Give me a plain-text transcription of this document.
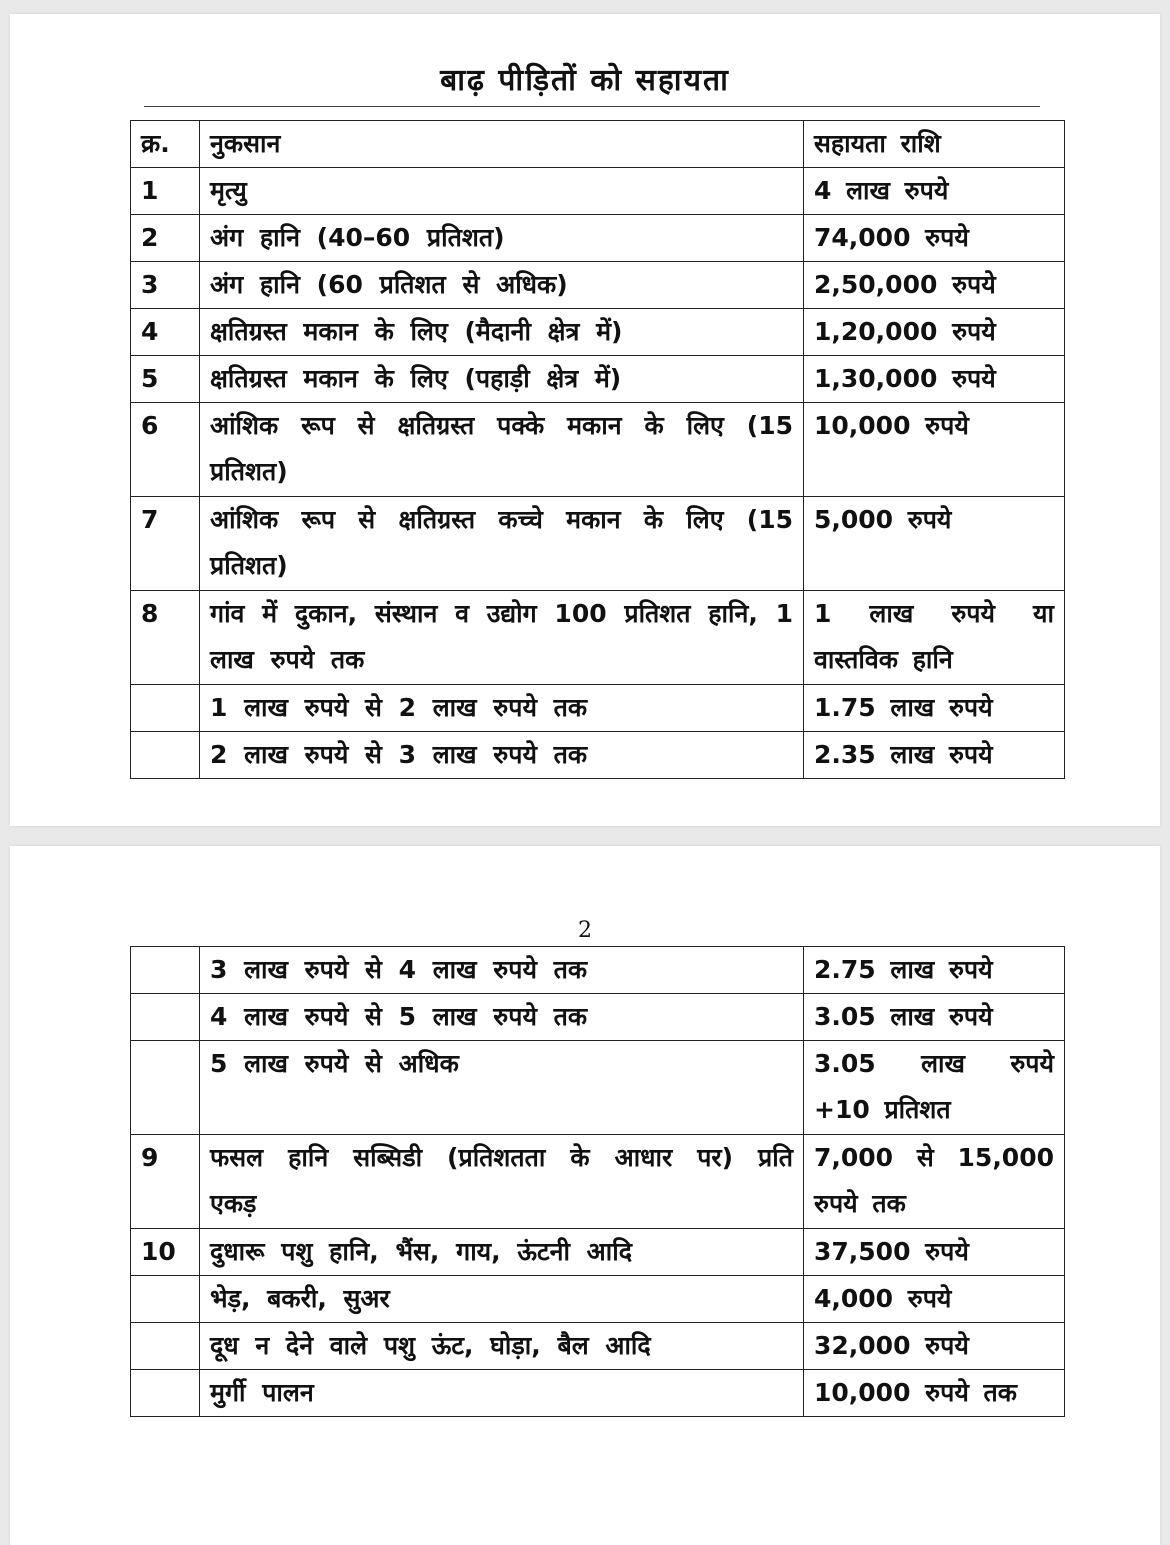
बाढ़ पीड़ितों को सहायता
क्र.	नुकसान	सहायता राशि
1	मृत्यु	4 लाख रुपये
2	अंग हानि (40–60 प्रतिशत)	74,000 रुपये
3	अंग हानि (60 प्रतिशत से अधिक)	2,50,000 रुपये
4	क्षतिग्रस्त मकान के लिए (मैदानी क्षेत्र में)	1,20,000 रुपये
5	क्षतिग्रस्त मकान के लिए (पहाड़ी क्षेत्र में)	1,30,000 रुपये
6	आंशिक रूप से क्षतिग्रस्त पक्के मकान के लिए (15 प्रतिशत)	10,000 रुपये
7	आंशिक रूप से क्षतिग्रस्त कच्चे मकान के लिए (15 प्रतिशत)	5,000 रुपये
8	गांव में दुकान, संस्थान व उद्योग 100 प्रतिशत हानि, 1 लाख रुपये तक	1 लाख रुपये या वास्तविक हानि
	1 लाख रुपये से 2 लाख रुपये तक	1.75 लाख रुपये
	2 लाख रुपये से 3 लाख रुपये तक	2.35 लाख रुपये
2
	3 लाख रुपये से 4 लाख रुपये तक	2.75 लाख रुपये
	4 लाख रुपये से 5 लाख रुपये तक	3.05 लाख रुपये
	5 लाख रुपये से अधिक	3.05 लाख रुपये +10 प्रतिशत
9	फसल हानि सब्सिडी (प्रतिशतता के आधार पर) प्रति एकड़	7,000 से 15,000 रुपये तक
10	दुधारू पशु हानि, भैंस, गाय, ऊंटनी आदि	37,500 रुपये
	भेड़, बकरी, सुअर	4,000 रुपये
	दूध न देने वाले पशु ऊंट, घोड़ा, बैल आदि	32,000 रुपये
	मुर्गी पालन	10,000 रुपये तक
